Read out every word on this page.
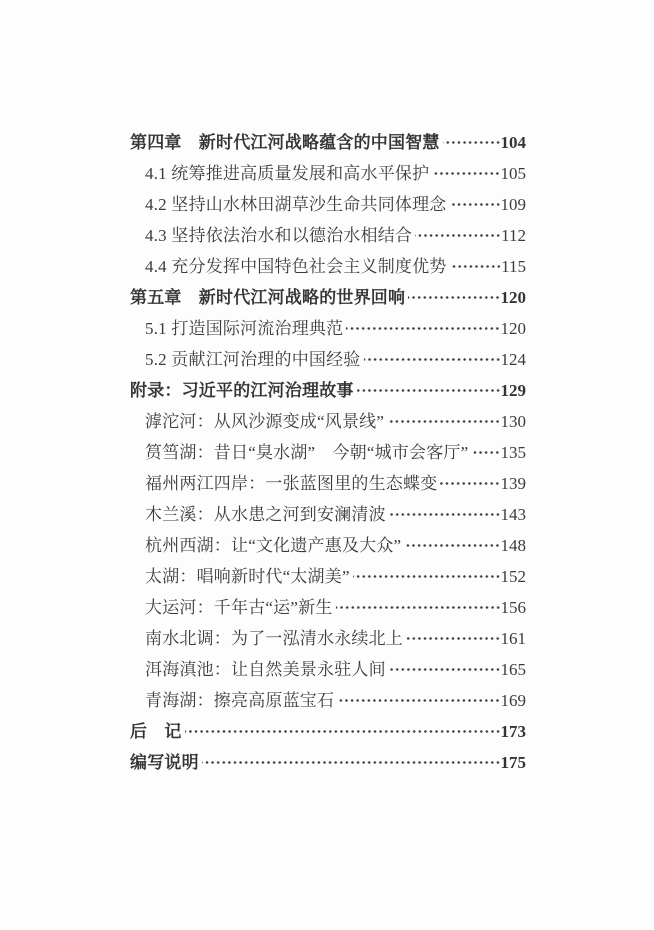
第四章　新时代江河战略蕴含的中国智慧	104
4.1 统筹推进高质量发展和高水平保护	105
4.2 坚持山水林田湖草沙生命共同体理念	109
4.3 坚持依法治水和以德治水相结合	112
4.4 充分发挥中国特色社会主义制度优势	115
第五章　新时代江河战略的世界回响	120
5.1 打造国际河流治理典范	120
5.2 贡献江河治理的中国经验	124
附录：习近平的江河治理故事	129
滹沱河：从风沙源变成“风景线”	130
筼筜湖：昔日“臭水湖”　今朝“城市会客厅” 135
福州两江四岸：一张蓝图里的生态蝶变	139
木兰溪：从水患之河到安澜清波	143
杭州西湖：让“文化遗产惠及大众”	148
太湖：唱响新时代“太湖美”	152
大运河：千年古“运”新生	156
南水北调：为了一泓清水永续北上	161
洱海滇池：让自然美景永驻人间	165
青海湖：擦亮高原蓝宝石	169
后　记	173
编写说明	175
